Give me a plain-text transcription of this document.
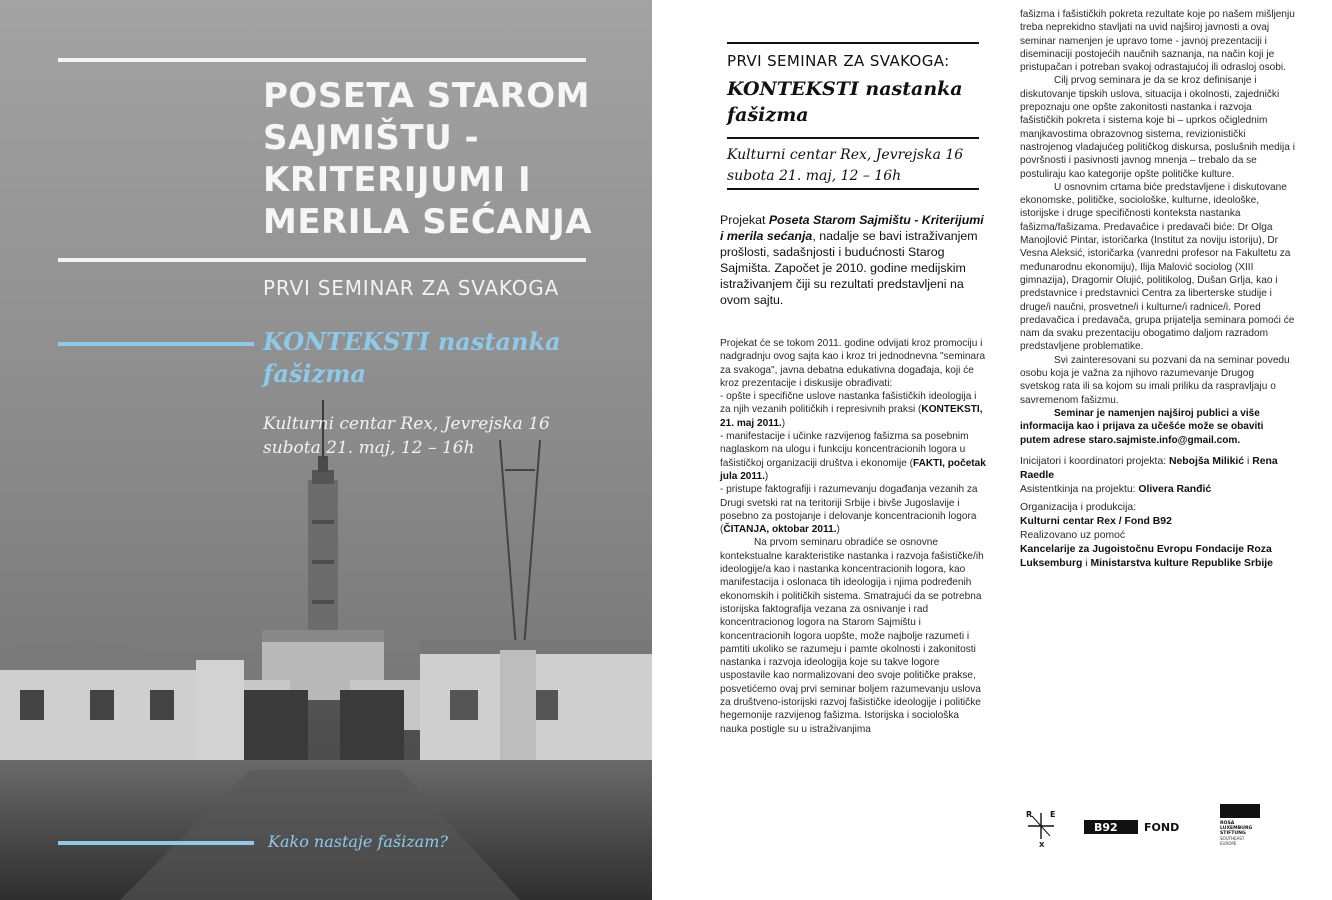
POSETA STAROM
SAJMIŠTU -
KRITERIJUMI I
MERILA SEĆANJA
PRVI SEMINAR ZA SVAKOGA
KONTEKSTI nastanka
fašizma
Kulturni centar Rex, Jevrejska 16
subota 21. maj, 12 – 16h
Kako nastaje fašizam?
PRVI SEMINAR ZA SVAKOGA:
KONTEKSTI nastanka fašizma
Kulturni centar Rex, Jevrejska 16
subota 21. maj, 12 – 16h

Projekat Poseta Starom Sajmištu - Kriterijumi i merila sećanja, nadalje se bavi istraživanjem prošlosti, sadašnjosti i budućnosti Starog Sajmišta. Započet je 2010. godine medijskim istraživanjem čiji su rezultati predstavljeni na ovom sajtu.

Projekat će se tokom 2011. godine odvijati kroz promociju i nadgradnju ovog sajta kao i kroz tri jednodnevna "seminara za svakoga", javna debatna edukativna događaja, koji će kroz prezentacije i diskusije obrađivati:

- opšte i specifične uslove nastanka fašističkih ideologija i za njih vezanih političkih i represivnih praksi (KONTEKSTI, 21. maj 2011.)

- manifestacije i učinke razvijenog fašizma sa posebnim naglaskom na ulogu i funkciju koncentracionih logora u fašističkoj organizaciji društva i ekonomije (FAKTI, početak jula 2011.)

- pristupe faktografiji i razumevanju događanja vezanih za Drugi svetski rat na teritoriji Srbije i bivše Jugoslavije i posebno za postojanje i delovanje koncentracionih logora (ČITANJA, oktobar 2011.)

Na prvom seminaru obradiće se osnovne kontekstualne karakteristike nastanka i razvoja fašističke/ih ideologije/a kao i nastanka koncentracionih logora, kao manifestacija i oslonaca tih ideologija i njima podređenih ekonomskih i političkih sistema. Smatrajući da se potrebna istorijska faktografija vezana za osnivanje i rad koncentracionog logora na Starom Sajmištu i koncentracionih logora uopšte, može najbolje razumeti i pamtiti ukoliko se razumeju i pamte okolnosti i zakonitosti nastanka i razvoja ideologija koje su takve logore uspostavile kao normalizovani deo svoje političke prakse, posvetićemo ovaj prvi seminar boljem razumevanju uslova za društveno-istorijski razvoj fašističke ideologije i političke hegemonije razvijenog fašizma. Istorijska i sociološka nauka postigle su u istraživanjima

fašizma i fašističkih pokreta rezultate koje po našem mišljenju treba neprekidno stavljati na uvid najširoj javnosti a ovaj seminar namenjen je upravo tome - javnoj prezentaciji i diseminaciji postojećih naučnih saznanja, na način koji je pristupačan i potreban svakoj odrastajućoj ili odrasloj osobi.

Cilj prvog seminara je da se kroz definisanje i diskutovanje tipskih uslova, situacija i okolnosti, zajednički prepoznaju one opšte zakonitosti nastanka i razvoja fašističkih pokreta i sistema koje bi – uprkos očiglednim manjkavostima obrazovnog sistema, revizionistički nastrojenog vladajućeg političkog diskursa, poslušnih medija i površnosti i pasivnosti javnog mnenja – trebalo da se postuliraju kao kategorije opšte političke kulture.

U osnovnim crtama biće predstavljene i diskutovane ekonomske, političke, sociološke, kulturne, ideološke, istorijske i druge specifičnosti konteksta nastanka fašizma/fašizama. Predavačice i predavači biće: Dr Olga Manojlović Pintar, istoričarka (Institut za noviju istoriju), Dr Vesna Aleksić, istoričarka (vanredni profesor na Fakultetu za međunarodnu ekonomiju), Ilija Malović sociolog (XIII gimnazija), Dragomir Olujić, politikolog, Dušan Grlja, kao i predstavnice i predstavnici Centra za liberterske studije i druge/i naučni, prosvetne/i i kulturne/i radnice/i. Pored predavačica i predavača, grupa prijatelja seminara pomoći će nam da svaku prezentaciju obogatimo daljom razradom predstavljene problematike.

Svi zainteresovani su pozvani da na seminar povedu osobu koja je važna za njihovo razumevanje Drugog svetskog rata ili sa kojom su imali priliku da raspravljaju o savremenom fašizmu.

Seminar je namenjen najširoj publici a više informacija kao i prijava za učešće može se obaviti putem adrese staro.sajmiste.info@gmail.com.

Inicijatori i koordinatori projekta: Nebojša Milikić i Rena Raedle

Asistentkinja na projektu: Olivera Ranđić

Organizacija i produkcija:

Kulturni centar Rex / Fond B92

Realizovano uz pomoć

Kancelarije za Jugoistočnu Evropu Fondacije Roza Luksemburg i Ministarstva kulture Republike Srbije

R E
X
B92 FOND	ROSA
LUXEMBURG
STIFTUNG
SOUTHEAST
EUROPE
